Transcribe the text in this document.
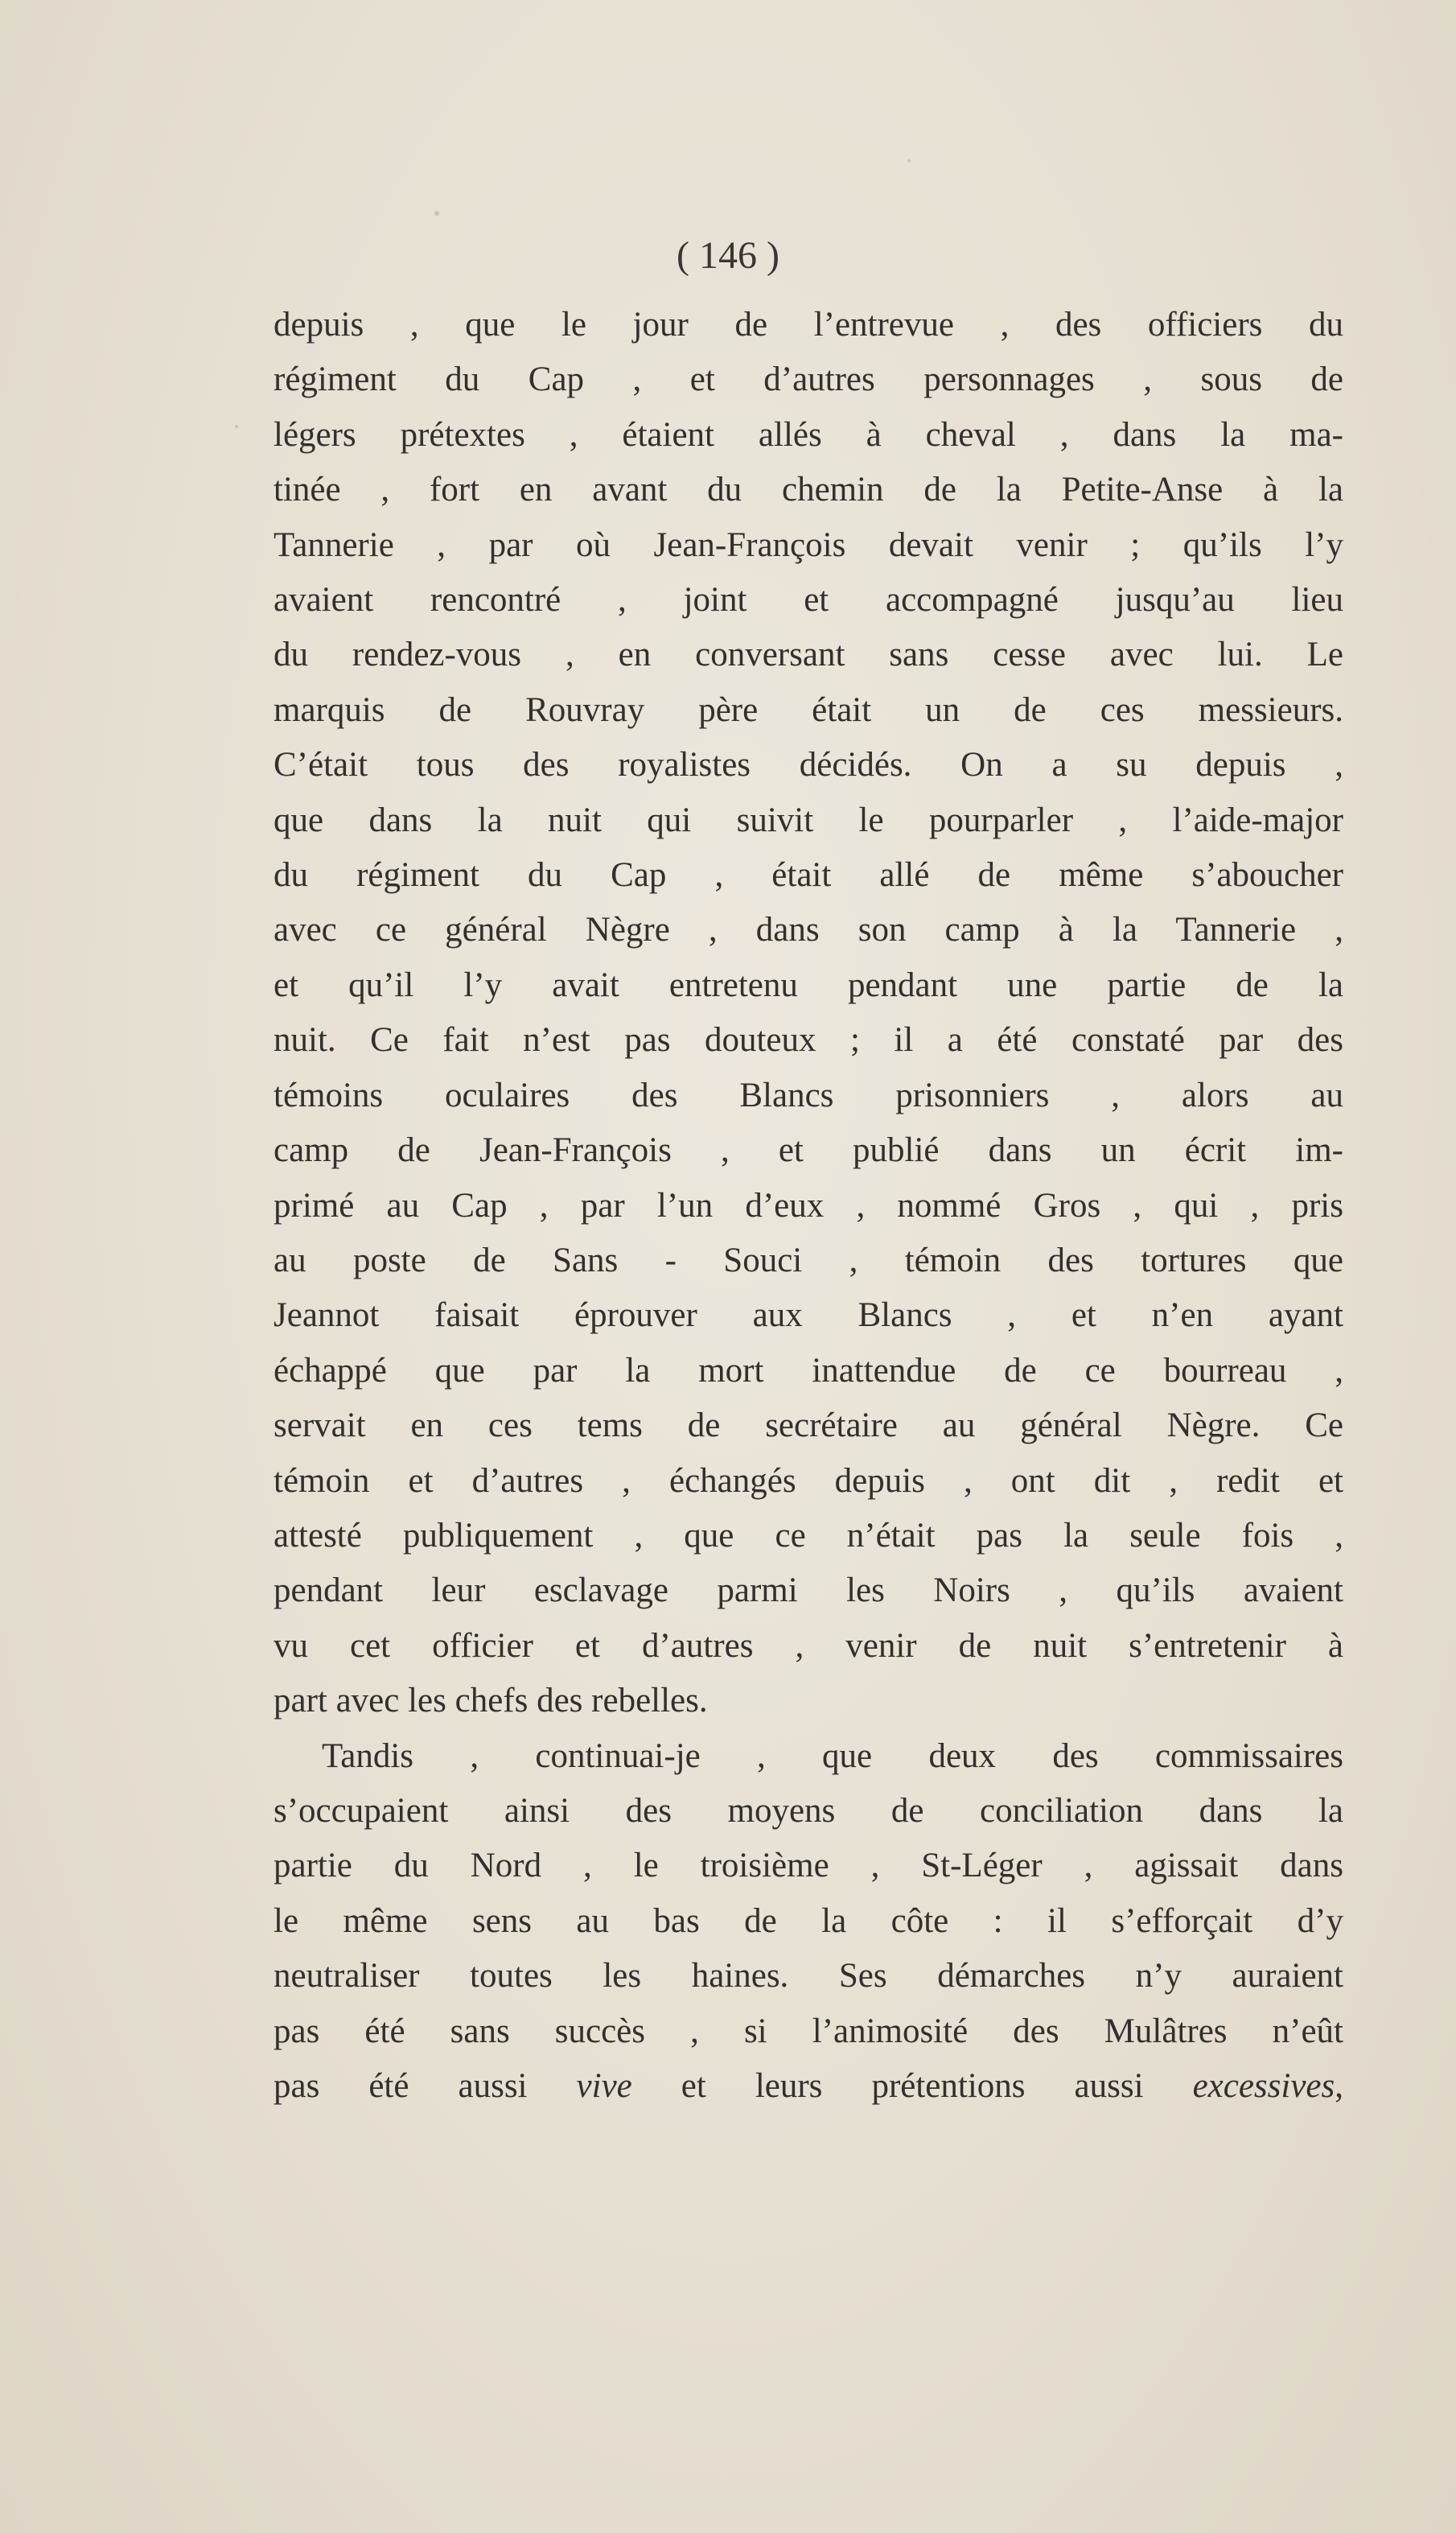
( 146 )
depuis , que le jour de l’entrevue , des officiers du
régiment du Cap , et d’autres personnages , sous de
légers prétextes , étaient allés à cheval , dans la ma-
tinée , fort en avant du chemin de la Petite-Anse à la
Tannerie , par où Jean-François devait venir ; qu’ils l’y
avaient rencontré , joint et accompagné jusqu’au lieu
du rendez-vous , en conversant sans cesse avec lui. Le
marquis de Rouvray père était un de ces messieurs.
C’était tous des royalistes décidés. On a su depuis ,
que dans la nuit qui suivit le pourparler , l’aide-major
du régiment du Cap , était allé de même s’aboucher
avec ce général Nègre , dans son camp à la Tannerie ,
et qu’il l’y avait entretenu pendant une partie de la
nuit. Ce fait n’est pas douteux ; il a été constaté par des
témoins oculaires des Blancs prisonniers , alors au
camp de Jean-François , et publié dans un écrit im-
primé au Cap , par l’un d’eux , nommé Gros , qui , pris
au poste de Sans - Souci , témoin des tortures que
Jeannot faisait éprouver aux Blancs , et n’en ayant
échappé que par la mort inattendue de ce bourreau ,
servait en ces tems de secrétaire au général Nègre. Ce
témoin et d’autres , échangés depuis , ont dit , redit et
attesté publiquement , que ce n’était pas la seule fois ,
pendant leur esclavage parmi les Noirs , qu’ils avaient
vu cet officier et d’autres , venir de nuit s’entretenir à
part avec les chefs des rebelles.
Tandis , continuai-je , que deux des commissaires
s’occupaient ainsi des moyens de conciliation dans la
partie du Nord , le troisième , St-Léger , agissait dans
le même sens au bas de la côte : il s’efforçait d’y
neutraliser toutes les haines. Ses démarches n’y auraient
pas été sans succès , si l’animosité des Mulâtres n’eût
pas été aussi vive et leurs prétentions aussi excessives,
